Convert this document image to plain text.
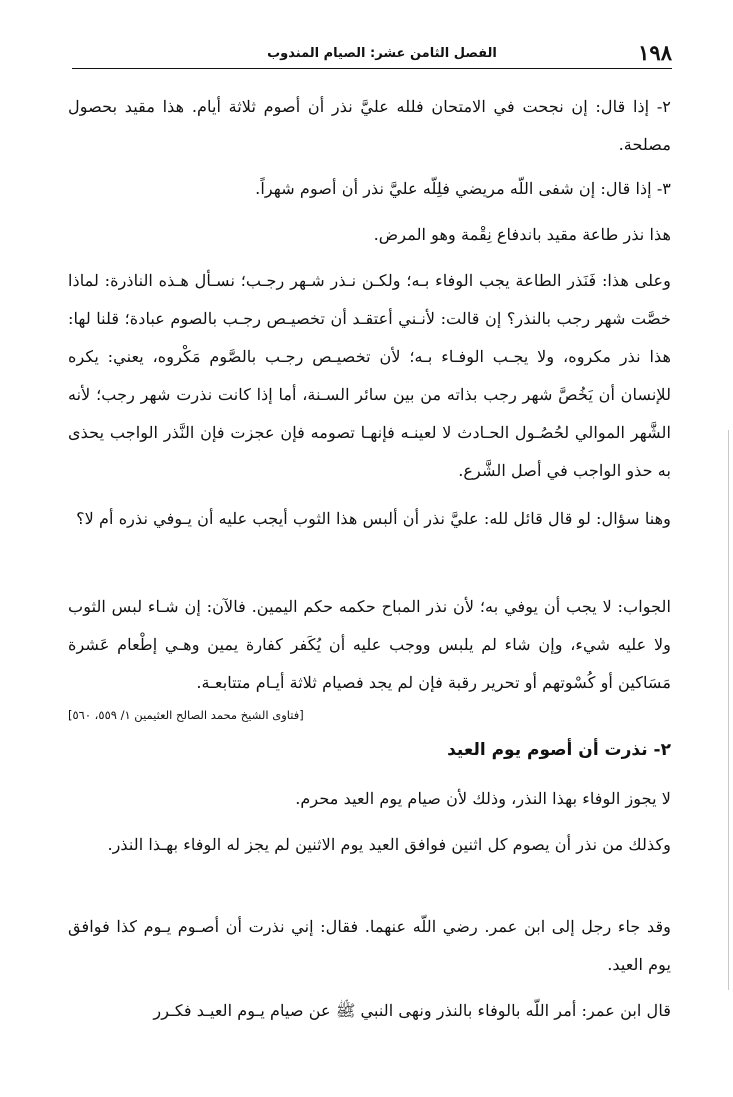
١٩٨
الفصل الثامن عشر: الصيام المندوب

٢- إذا قال: إن نجحت في الامتحان فلله عليَّ نذر أن أصوم ثلاثة أيام. هذا مقيد بحصول مصلحة.

٣- إذا قال: إن شفى اللّه مريضي فلِلّه عليَّ نذر أن أصوم شهراً.

هذا نذر طاعة مقيد باندفاع نِقْمة وهو المرض.

وعلى هذا: فَنَذر الطاعة يجب الوفاء بـه؛ ولكـن نـذر شـهر رجـب؛ نسـأل هـذه الناذرة: لماذا خصَّت شهر رجب بالنذر؟ إن قالت: لأنـني أعتقـد أن تخصيـص رجـب بالصوم عبادة؛ قلنا لها: هذا نذر مكروه، ولا يجـب الوفـاء بـه؛ لأن تخصيـص رجـب بالصَّوم مَكْروه، يعني: يكره للإنسان أن يَخُصَّ شهر رجب بذاته من بين سائر السـنة، أما إذا كانت نذرت شهر رجب؛ لأنه الشَّهر الموالي لحُصُـول الحـادث لا لعينـه فإنهـا تصومه فإن عجزت فإن النَّذر الواجب يحذى به حذو الواجب في أصل الشَّرع.

وهنا سؤال: لو قال قائل لله: عليَّ نذر أن ألبس هذا الثوب أيجب عليه أن يـوفي نذره أم لا؟

الجواب: لا يجب أن يوفي به؛ لأن نذر المباح حكمه حكم اليمين. فالآن: إن شـاء لبس الثوب ولا عليه شيء، وإن شاء لم يلبس ووجب عليه أن يُكَفر كفارة يمين وهـي إطْعام عَشرة مَسَاكين أو كُسْوتهم أو تحرير رقبة فإن لم يجد فصيام ثلاثة أيـام متتابعـة.

[فتاوى الشيخ محمد الصالح العثيمين ١/ ٥٥٩، ٥٦٠]
٢- نذرت أن أصوم يوم العيد

لا يجوز الوفاء بهذا النذر، وذلك لأن صيام يوم العيد محرم.

وكذلك من نذر أن يصوم كل اثنين فوافق العيد يوم الاثنين لم يجز له الوفاء بهـذا النذر.

وقد جاء رجل إلى ابن عمر. رضي اللّه عنهما. فقال: إني نذرت أن أصـوم يـوم كذا فوافق يوم العيد.

قال ابن عمر: أمر اللّه بالوفاء بالنذر ونهى النبي ﷺ عن صيام يـوم العيـد فكـرر
